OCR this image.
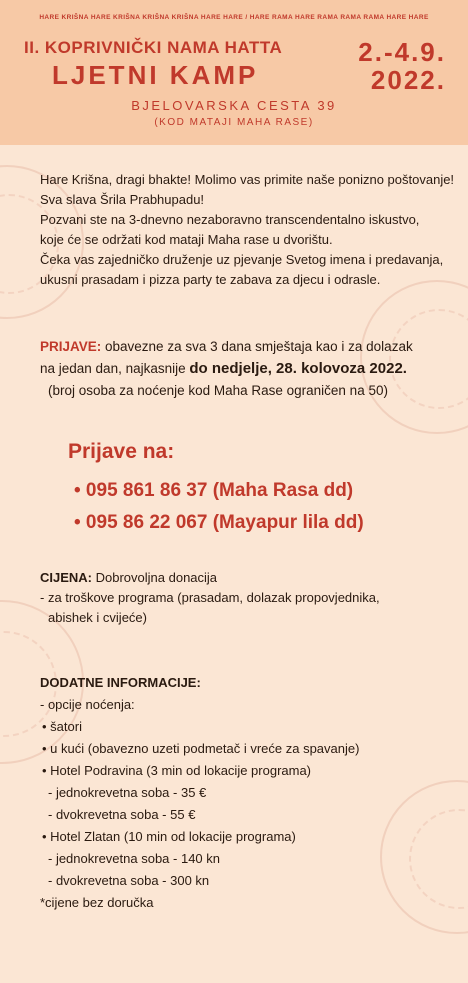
HARE KRIŠNA HARE KRIŠNA KRIŠNA KRIŠNA HARE HARE / HARE RAMA HARE RAMA RAMA RAMA HARE HARE
II. KOPRIVNIČKI NAMA HATTA
LJETNI KAMP
2.-4.9.
2022.
BJELOVARSKA CESTA 39
(KOD MATAJI MAHA RASE)
Hare Krišna, dragi bhakte! Molimo vas primite naše ponizno poštovanje!
Sva slava Šrila Prabhupadu!
Pozvani ste na 3-dnevno nezaboravno transcendentalno iskustvo,
koje će se održati kod mataji Maha rase u dvorištu.
Čeka vas zajedničko druženje uz pjevanje Svetog imena i predavanja,
ukusni prasadam i pizza party te zabava za djecu i odrasle.
PRIJAVE: obavezne za sva 3 dana smještaja kao i za dolazak
na jedan dan, najkasnije do nedjelje, 28. kolovoza 2022.
(broj osoba za noćenje kod Maha Rase ograničen na 50)
Prijave na:
• 095 861 86 37 (Maha Rasa dd)
• 095 86 22 067 (Mayapur lila dd)
CIJENA: Dobrovoljna donacija
- za troškove programa (prasadam, dolazak propovjednika,
abishek i cvijeće)
DODATNE INFORMACIJE:
- opcije noćenja:
• šatori
• u kući (obavezno uzeti podmetač i vreće za spavanje)
• Hotel Podravina (3 min od lokacije programa)
- jednokrevetna soba - 35 €
- dvokrevetna soba - 55 €
• Hotel Zlatan (10 min od lokacije programa)
- jednokrevetna soba - 140 kn
- dvokrevetna soba - 300 kn
*cijene bez doručka
